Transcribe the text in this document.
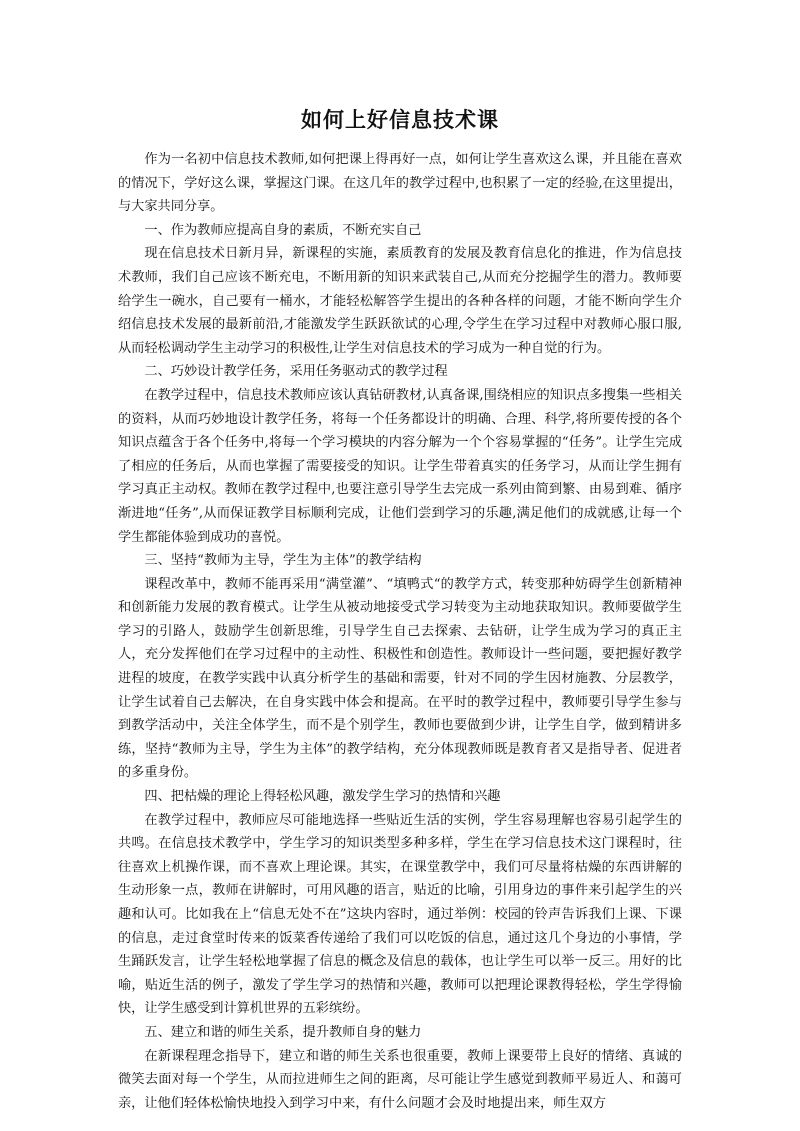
如何上好信息技术课

作为一名初中信息技术教师,如何把课上得再好一点，如何让学生喜欢这么课，并且能在喜欢的情况下，学好这么课，掌握这门课。在这几年的教学过程中,也积累了一定的经验,在这里提出，与大家共同分享。

一、作为教师应提高自身的素质，不断充实自己

现在信息技术日新月异，新课程的实施，素质教育的发展及教育信息化的推进，作为信息技术教师，我们自己应该不断充电，不断用新的知识来武装自己,从而充分挖掘学生的潜力。教师要给学生一碗水，自己要有一桶水，才能轻松解答学生提出的各种各样的问题，才能不断向学生介绍信息技术发展的最新前沿,才能激发学生跃跃欲试的心理,令学生在学习过程中对教师心服口服,从而轻松调动学生主动学习的积极性,让学生对信息技术的学习成为一种自觉的行为。

二、巧妙设计教学任务，采用任务驱动式的教学过程

在教学过程中，信息技术教师应该认真钻研教材,认真备课,围绕相应的知识点多搜集一些相关的资料，从而巧妙地设计教学任务，将每一个任务都设计的明确、合理、科学,将所要传授的各个知识点蕴含于各个任务中,将每一个学习模块的内容分解为一个个容易掌握的“任务”。让学生完成了相应的任务后，从而也掌握了需要接受的知识。让学生带着真实的任务学习，从而让学生拥有学习真正主动权。教师在教学过程中,也要注意引导学生去完成一系列由简到繁、由易到难、循序渐进地“任务”,从而保证教学目标顺利完成，让他们尝到学习的乐趣,满足他们的成就感,让每一个学生都能体验到成功的喜悦。

三、坚持“教师为主导，学生为主体”的教学结构

课程改革中，教师不能再采用“满堂灌”、“填鸭式“的教学方式，转变那种妨碍学生创新精神和创新能力发展的教育模式。让学生从被动地接受式学习转变为主动地获取知识。教师要做学生学习的引路人，鼓励学生创新思维，引导学生自己去探索、去钻研，让学生成为学习的真正主人，充分发挥他们在学习过程中的主动性、积极性和创造性。教师设计一些问题，要把握好教学进程的坡度，在教学实践中认真分析学生的基础和需要，针对不同的学生因材施教、分层教学，让学生试着自己去解决，在自身实践中体会和提高。在平时的教学过程中，教师要引导学生参与到教学活动中，关注全体学生，而不是个别学生，教师也要做到少讲，让学生自学，做到精讲多练，坚持“教师为主导，学生为主体”的教学结构，充分体现教师既是教育者又是指导者、促进者的多重身份。

四、把枯燥的理论上得轻松风趣，激发学生学习的热情和兴趣

在教学过程中，教师应尽可能地选择一些贴近生活的实例，学生容易理解也容易引起学生的共鸣。在信息技术教学中，学生学习的知识类型多种多样，学生在学习信息技术这门课程时，往往喜欢上机操作课，而不喜欢上理论课。其实，在课堂教学中，我们可尽量将枯燥的东西讲解的生动形象一点，教师在讲解时，可用风趣的语言，贴近的比喻，引用身边的事件来引起学生的兴趣和认可。比如我在上“信息无处不在”这块内容时，通过举例：校园的铃声告诉我们上课、下课的信息，走过食堂时传来的饭菜香传递给了我们可以吃饭的信息，通过这几个身边的小事情，学生踊跃发言，让学生轻松地掌握了信息的概念及信息的载体，也让学生可以举一反三。用好的比喻，贴近生活的例子，激发了学生学习的热情和兴趣，教师可以把理论课教得轻松，学生学得愉快，让学生感受到计算机世界的五彩缤纷。

五、建立和谐的师生关系，提升教师自身的魅力

在新课程理念指导下，建立和谐的师生关系也很重要，教师上课要带上良好的情绪、真诚的微笑去面对每一个学生，从而拉进师生之间的距离，尽可能让学生感觉到教师平易近人、和蔼可亲，让他们轻体松愉快地投入到学习中来，有什么问题才会及时地提出来，师生双方
